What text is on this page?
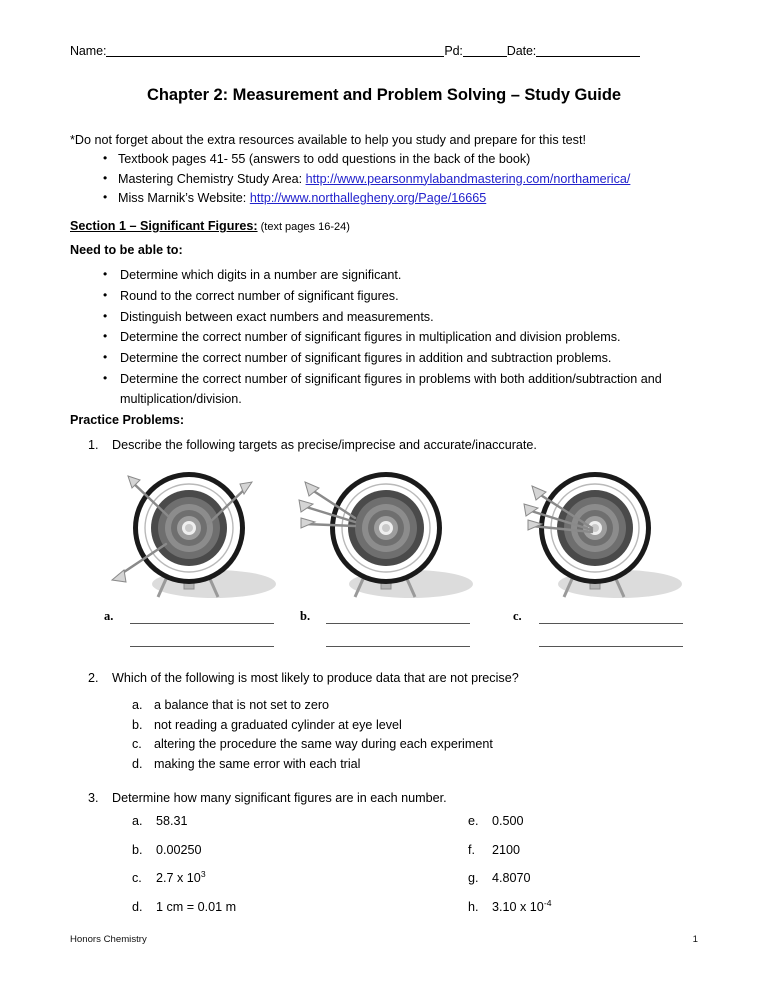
Name:	Pd:	Date:
Chapter 2: Measurement and Problem Solving – Study Guide
*Do not forget about the extra resources available to help you study and prepare for this test!
• Textbook pages 41- 55 (answers to odd questions in the back of the book)
• Mastering Chemistry Study Area: http://www.pearsonmylabandmastering.com/northamerica/
• Miss Marnik’s Website: http://www.northallegheny.org/Page/16665
Section 1 – Significant Figures: (text pages 16-24)
Need to be able to:
• Determine which digits in a number are significant.
• Round to the correct number of significant figures.
• Distinguish between exact numbers and measurements.
• Determine the correct number of significant figures in multiplication and division problems.
• Determine the correct number of significant figures in addition and subtraction problems.
• Determine the correct number of significant figures in problems with both addition/subtraction and multiplication/division.
Practice Problems:
1. Describe the following targets as precise/imprecise and accurate/inaccurate.
a.	b.	c.
2. Which of the following is most likely to produce data that are not precise?
a. a balance that is not set to zero
b. not reading a graduated cylinder at eye level
c. altering the procedure the same way during each experiment
d. making the same error with each trial
3. Determine how many significant figures are in each number.
a. 58.31
b. 0.00250
c. 2.7 x $10^3$
d. 1 cm = 0.01 m
e. 0.500
f. 2100
g. 4.8070
h. 3.10 x $10^{-4}$
Honors Chemistry	1
